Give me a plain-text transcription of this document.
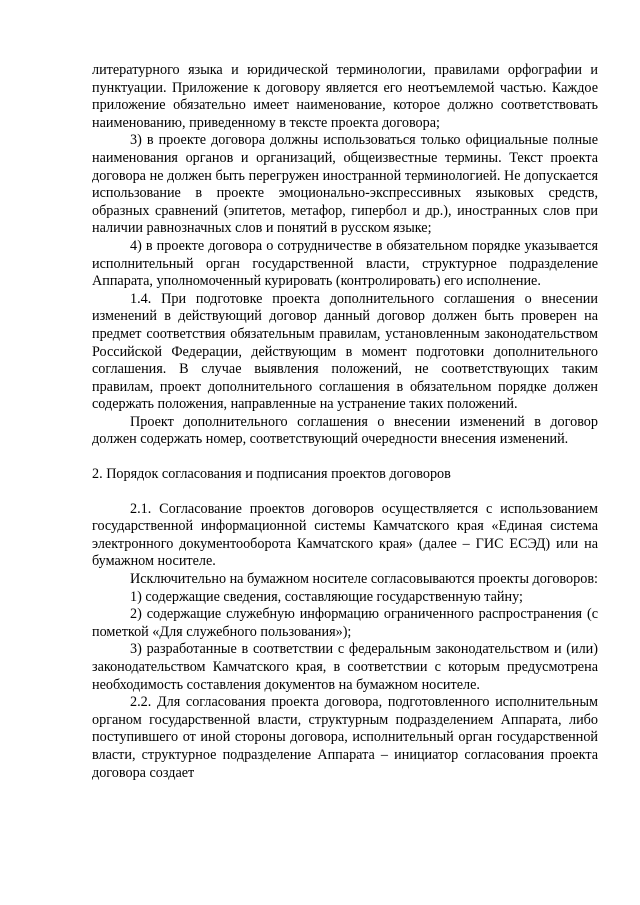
литературного языка и юридической терминологии, правилами орфографии и пунктуации. Приложение к договору является его неотъемлемой частью. Каждое приложение обязательно имеет наименование, которое должно соответствовать наименованию, приведенному в тексте проекта договора;

3) в проекте договора должны использоваться только официальные полные наименования органов и организаций, общеизвестные термины. Текст проекта договора не должен быть перегружен иностранной терминологией. Не допускается использование в проекте эмоционально-экспрессивных языковых средств, образных сравнений (эпитетов, метафор, гипербол и др.), иностранных слов при наличии равнозначных слов и понятий в русском языке;

4) в проекте договора о сотрудничестве в обязательном порядке указывается исполнительный орган государственной власти, структурное подразделение Аппарата, уполномоченный курировать (контролировать) его исполнение.

1.4. При подготовке проекта дополнительного соглашения о внесении изменений в действующий договор данный договор должен быть проверен на предмет соответствия обязательным правилам, установленным законодательством Российской Федерации, действующим в момент подготовки дополнительного соглашения. В случае выявления положений, не соответствующих таким правилам, проект дополнительного соглашения в обязательном порядке должен содержать положения, направленные на устранение таких положений.

Проект дополнительного соглашения о внесении изменений в договор должен содержать номер, соответствующий очередности внесения изменений.

2. Порядок согласования и подписания проектов договоров

2.1. Согласование проектов договоров осуществляется с использованием государственной информационной системы Камчатского края «Единая система электронного документооборота Камчатского края» (далее – ГИС ЕСЭД) или на бумажном носителе.

Исключительно на бумажном носителе согласовываются проекты договоров:

1) содержащие сведения, составляющие государственную тайну;

2) содержащие служебную информацию ограниченного распространения (с пометкой «Для служебного пользования»);

3) разработанные в соответствии с федеральным законодательством и (или) законодательством Камчатского края, в соответствии с которым предусмотрена необходимость составления документов на бумажном носителе.

2.2. Для согласования проекта договора, подготовленного исполнительным органом государственной власти, структурным подразделением Аппарата, либо поступившего от иной стороны договора, исполнительный орган государственной власти, структурное подразделение Аппарата – инициатор согласования проекта договора создает
